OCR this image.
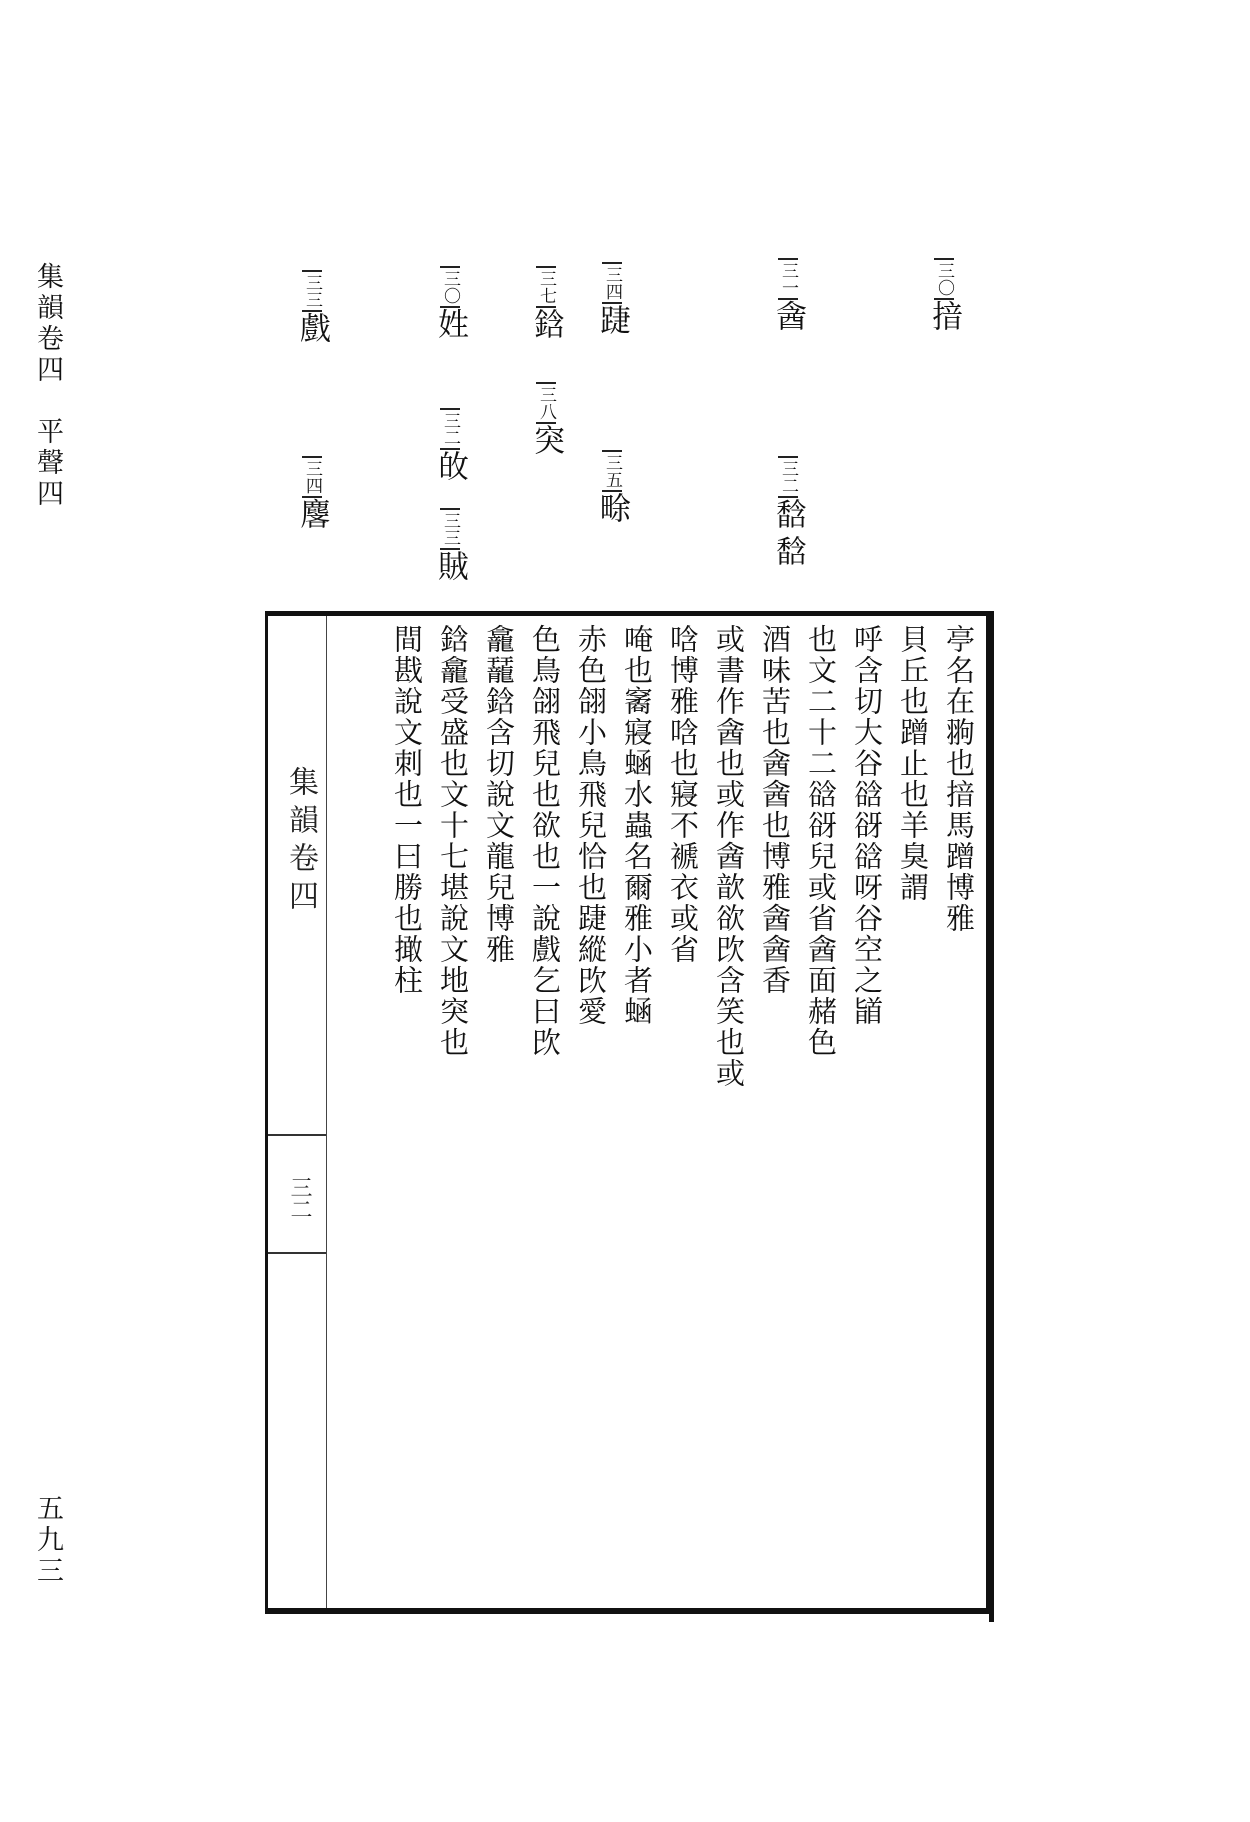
集韻卷四　平聲四
五九三
三〇揞
三一酓
三二馠馠
三四踕
三五畭
三七鋡
三八突
三〇姓
三二敀
三三賊
三三戲
三四麐
集韻卷四
三二
亭名在翑也揞馬蹭博雅
貝丘也蹭止也羊臭謂
呼含切大谷谽谺谽呀谷空之䭫
也文二十二谽谺兒或省酓面赭色
酒味苦也酓酓也博雅酓酓香
或書作酓也或作酓歆欲㰝含笑也或
唅博雅唅也寢不褫衣或省
唵也䆷寢蜬水蟲名爾雅小者蜬
赤色翖小鳥飛兒恰也踕縱㰝愛
色鳥翖飛兒也欲也一說戲乞曰㰝
龕䶬鋡含切說文龍兒博雅
鋡龕受盛也文十七堪說文地突也
間戡說文刺也一曰勝也撖柱
